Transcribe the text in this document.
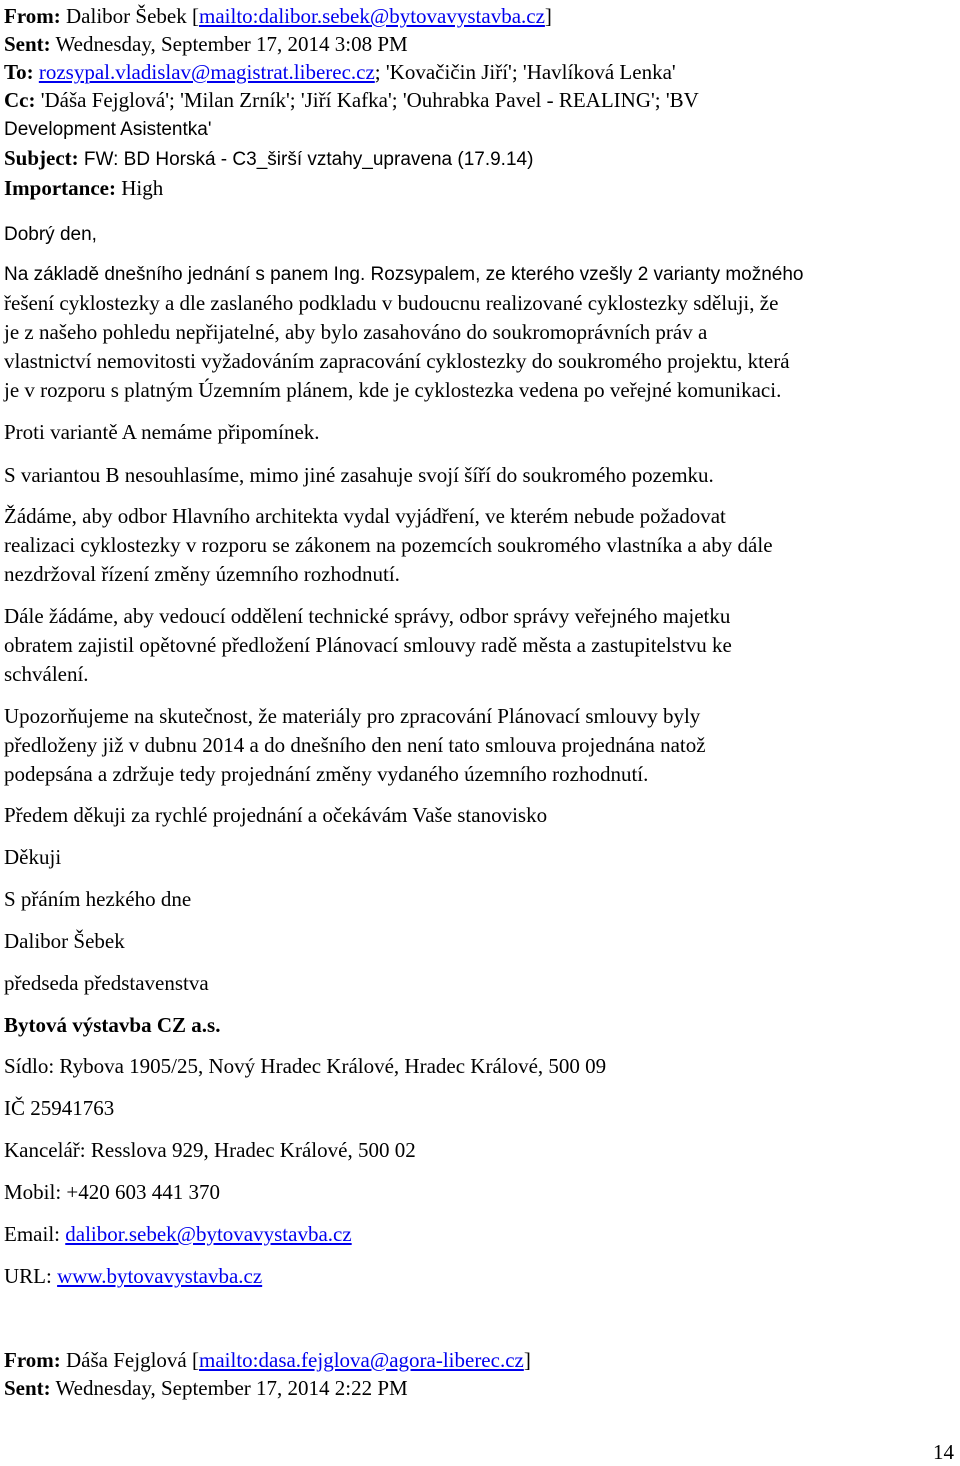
From: Dalibor Šebek [mailto:dalibor.sebek@bytovavystavba.cz]

Sent: Wednesday, September 17, 2014 3:08 PM

To: rozsypal.vladislav@magistrat.liberec.cz; 'Kovačičin Jiří'; 'Havlíková Lenka'

Cc: 'Dáša Fejglová'; 'Milan Zrník'; 'Jiří Kafka'; 'Ouhrabka Pavel - REALING'; 'BV

Development Asistentka'

Subject: FW: BD Horská - C3_širší vztahy_upravena (17.9.14)

Importance: High

Dobrý den,

Na základě dnešního jednání s panem Ing. Rozsypalem, ze kterého vzešly 2 varianty možného

řešení cyklostezky a dle zaslaného podkladu v budoucnu realizované cyklostezky sděluji, že

je z našeho pohledu nepřijatelné, aby bylo zasahováno do soukromoprávních práv a

vlastnictví nemovitosti vyžadováním zapracování cyklostezky do soukromého projektu, která

je v rozporu s platným Územním plánem, kde je cyklostezka vedena po veřejné komunikaci.

Proti variantě A nemáme připomínek.

S variantou B nesouhlasíme, mimo jiné zasahuje svojí šíří do soukromého pozemku.

Žádáme, aby odbor Hlavního architekta vydal vyjádření, ve kterém nebude požadovat

realizaci cyklostezky v rozporu se zákonem na pozemcích soukromého vlastníka a aby dále

nezdržoval řízení změny územního rozhodnutí.

Dále žádáme, aby vedoucí oddělení technické správy, odbor správy veřejného majetku

obratem zajistil opětovné předložení Plánovací smlouvy radě města a zastupitelstvu ke

schválení.

Upozorňujeme na skutečnost, že materiály pro zpracování Plánovací smlouvy byly

předloženy již v dubnu 2014 a do dnešního den není tato smlouva projednána natož

podepsána a zdržuje tedy projednání změny vydaného územního rozhodnutí.

Předem děkuji za rychlé projednání a očekávám Vaše stanovisko

Děkuji

S přáním hezkého dne

Dalibor Šebek

předseda představenstva

Bytová výstavba CZ a.s.

Sídlo: Rybova 1905/25, Nový Hradec Králové, Hradec Králové, 500 09

IČ 25941763

Kancelář: Resslova 929, Hradec Králové, 500 02

Mobil: +420 603 441 370

Email: dalibor.sebek@bytovavystavba.cz

URL: www.bytovavystavba.cz

From: Dáša Fejglová [mailto:dasa.fejglova@agora-liberec.cz]

Sent: Wednesday, September 17, 2014 2:22 PM

14
